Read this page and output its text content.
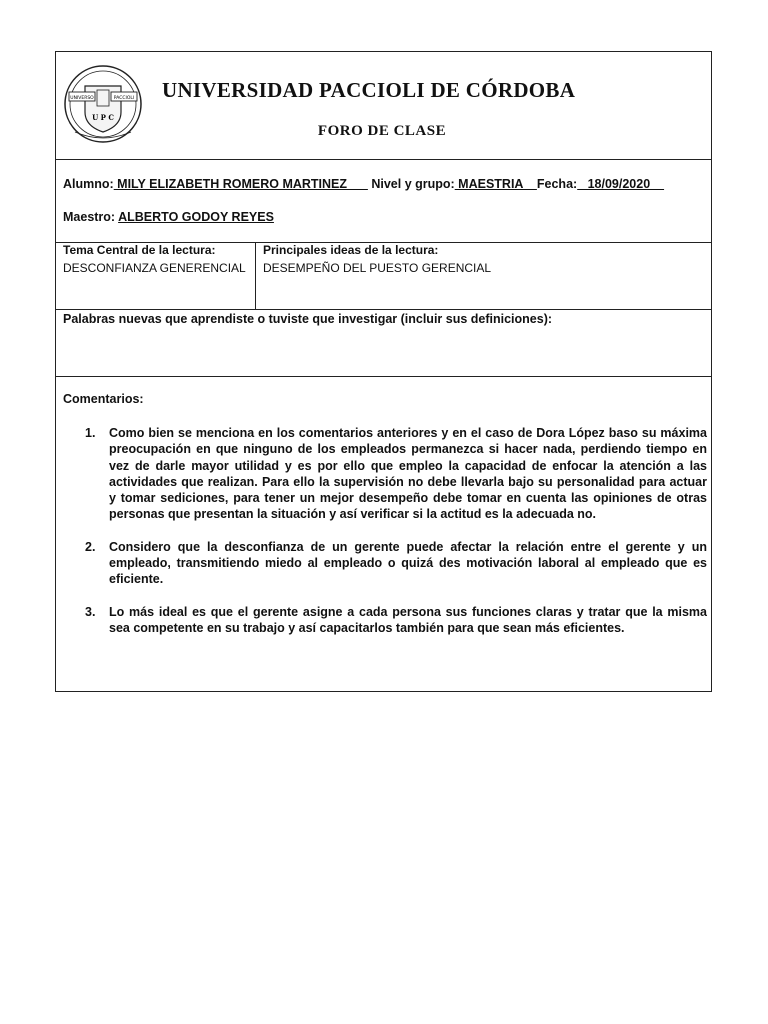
UNIVERSO	PACCIOLI
U P C
UNIVERSIDAD PACCIOLI DE CÓRDOBA
FORO DE CLASE
Alumno: MILY ELIZABETH ROMERO MARTINEZ       Nivel y grupo: MAESTRIA    Fecha:   18/09/2020
Maestro: ALBERTO GODOY REYES
Tema Central de la lectura:
DESCONFIANZA GENERENCIAL
Principales ideas de la lectura:
DESEMPEÑO DEL PUESTO GERENCIAL
Palabras nuevas que aprendiste o tuviste que investigar (incluir sus definiciones):
Comentarios:
1. Como bien se menciona en los comentarios anteriores y en el caso de Dora López baso su máxima preocupación en que ninguno de los empleados permanezca si hacer nada, perdiendo tiempo en vez de darle mayor utilidad y es por ello que empleo la capacidad de enfocar la atención a las actividades que realizan. Para ello la supervisión no debe llevarla bajo su personalidad para actuar y tomar sediciones, para tener un mejor desempeño debe tomar en cuenta las opiniones de otras personas que presentan la situación y así verificar si la actitud es la adecuada no.
2. Considero que la desconfianza de un gerente puede afectar la relación entre el gerente y un empleado, transmitiendo miedo al empleado o quizá des motivación laboral al empleado que es eficiente.
3. Lo más ideal es que el gerente asigne a cada persona sus funciones claras y tratar que la misma sea competente en su trabajo y así capacitarlos también para que sean más eficientes.
